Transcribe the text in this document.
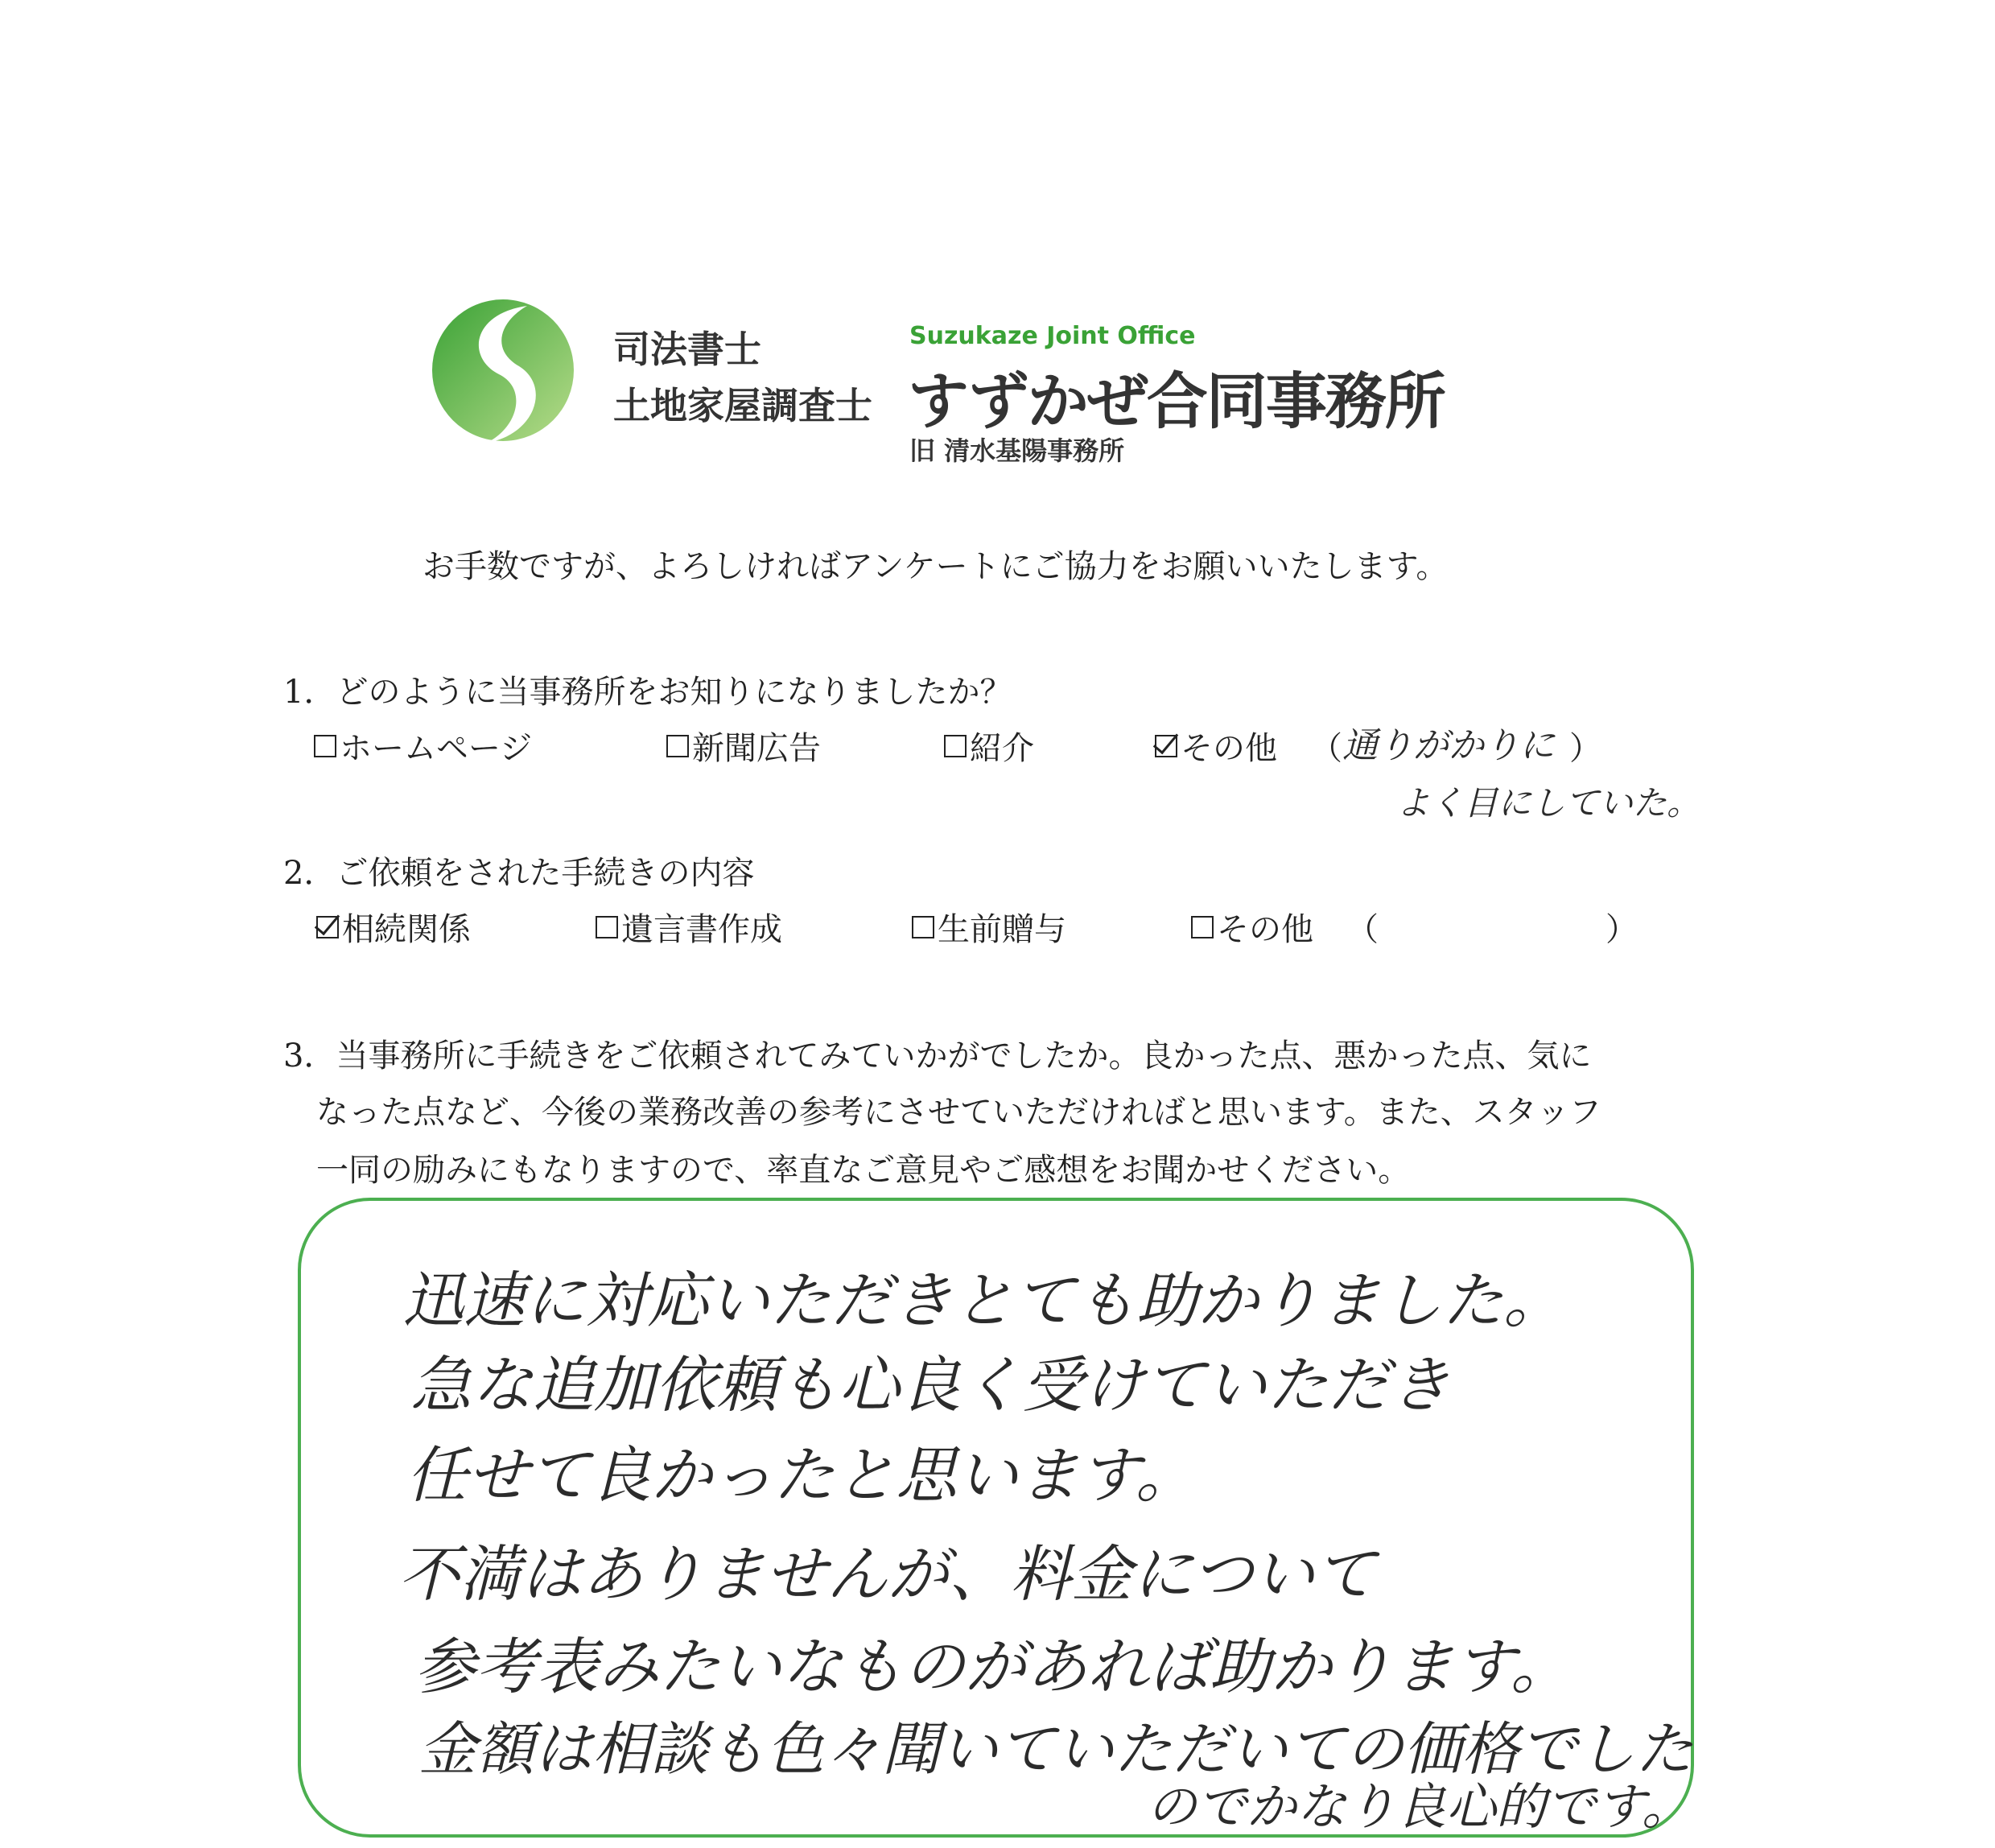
司法書士
土地家屋調査士
Suzukaze Joint Office
すずかぜ合同事務所
旧 清水基陽事務所
お手数ですが、よろしければアンケートにご協力をお願いいたします。
1．どのように当事務所をお知りになりましたか？
ホームページ	新聞広告	紹介	その他 （ 通りがかりに ）
よく目にしていた。
2．ご依頼をされた手続きの内容
相続関係	遺言書作成	生前贈与	その他 （	）
3．当事務所に手続きをご依頼されてみていかがでしたか。良かった点、悪かった点、気に
なった点など、今後の業務改善の参考にさせていただければと思います。また、スタッフ
一同の励みにもなりますので、率直なご意見やご感想をお聞かせください。
迅速に対応いただきとても助かりました。
急な追加依頼も心良く受けていただき
任せて良かったと思います。
不満はありませんが、料金について
参考表みたいなものがあれば助かります。
金額は相談も色々聞いていただいての価格でした
のでかなり良心的です。
